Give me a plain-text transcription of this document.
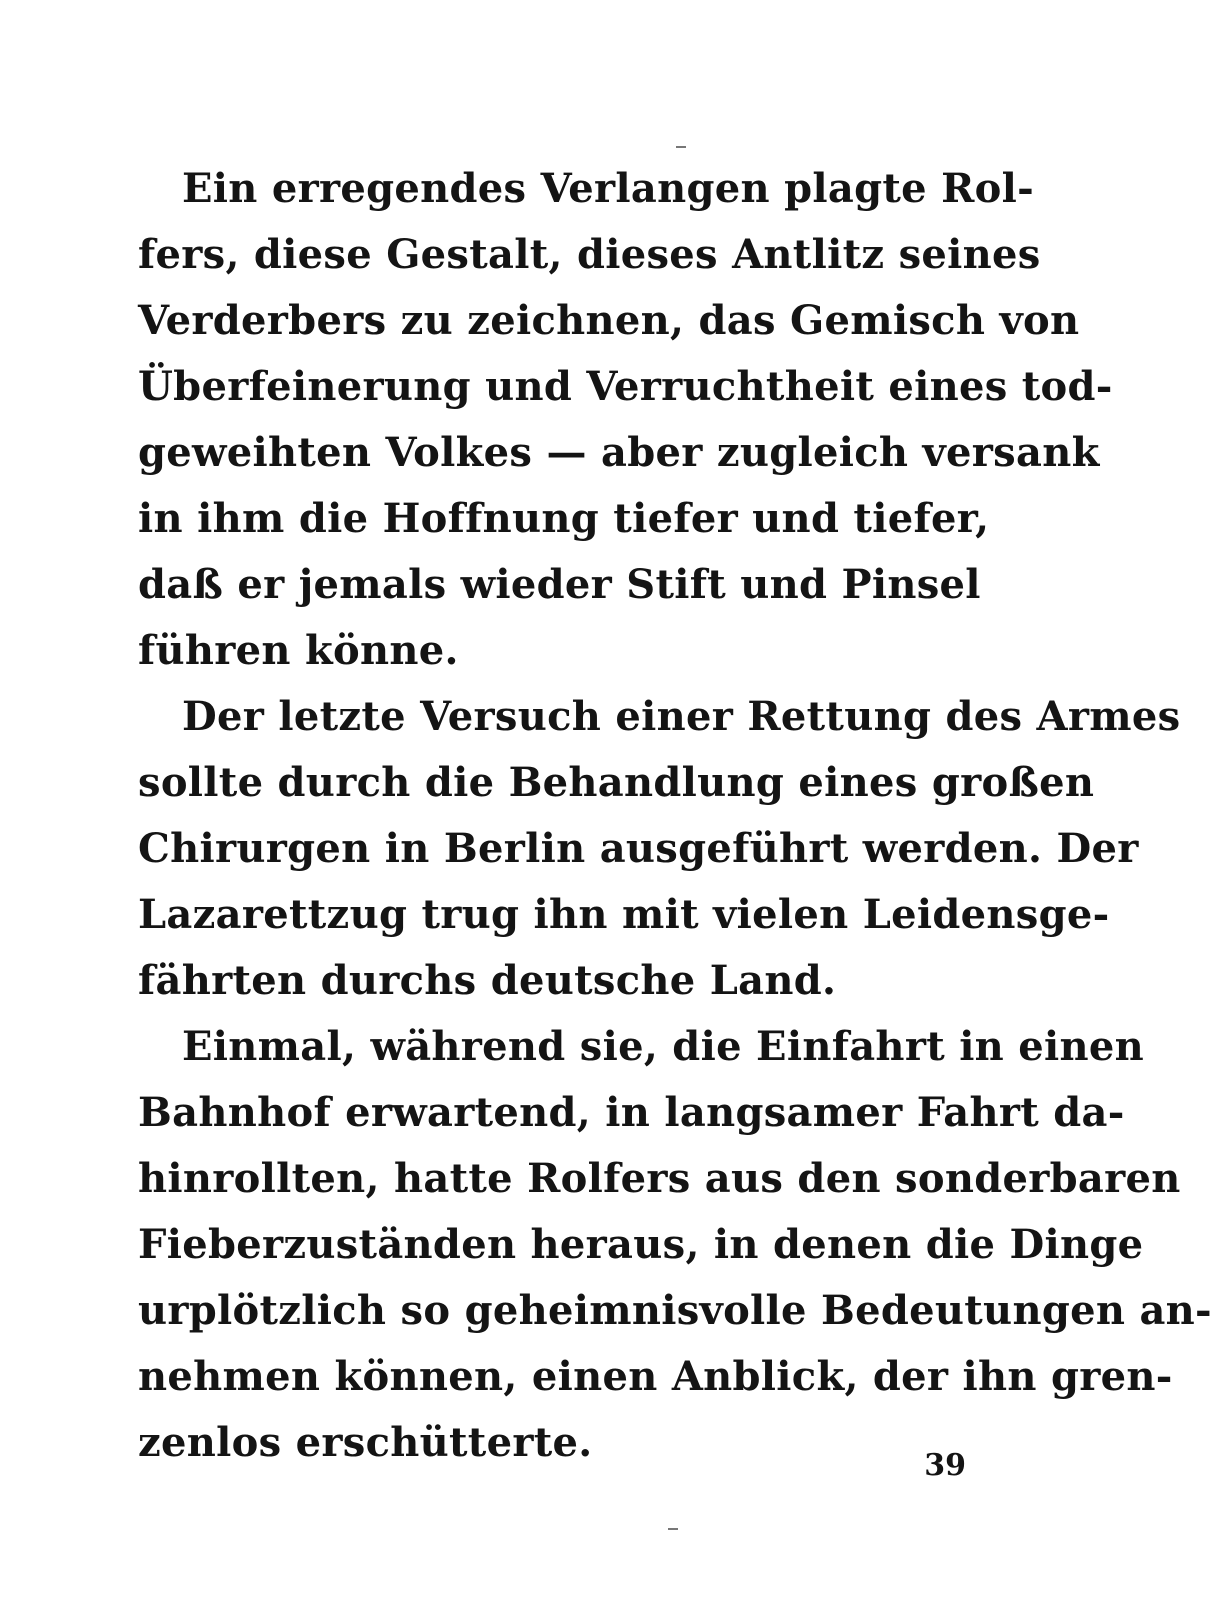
Ein erregendes Verlangen plagte Rol-
fers, diese Gestalt, dieses Antlitz seines
Verderbers zu zeichnen, das Gemisch von
Überfeinerung und Verruchtheit eines tod-
geweihten Volkes — aber zugleich versank
in ihm die Hoffnung tiefer und tiefer,
daß er jemals wieder Stift und Pinsel
führen könne.

Der letzte Versuch einer Rettung des Armes
sollte durch die Behandlung eines großen
Chirurgen in Berlin ausgeführt werden. Der
Lazarettzug trug ihn mit vielen Leidensge-
fährten durchs deutsche Land.

Einmal, während sie, die Einfahrt in einen
Bahnhof erwartend, in langsamer Fahrt da-
hinrollten, hatte Rolfers aus den sonderbaren
Fieberzuständen heraus, in denen die Dinge
urplötzlich so geheimnisvolle Bedeutungen an-
nehmen können, einen Anblick, der ihn gren-
zenlos erschütterte.	39
